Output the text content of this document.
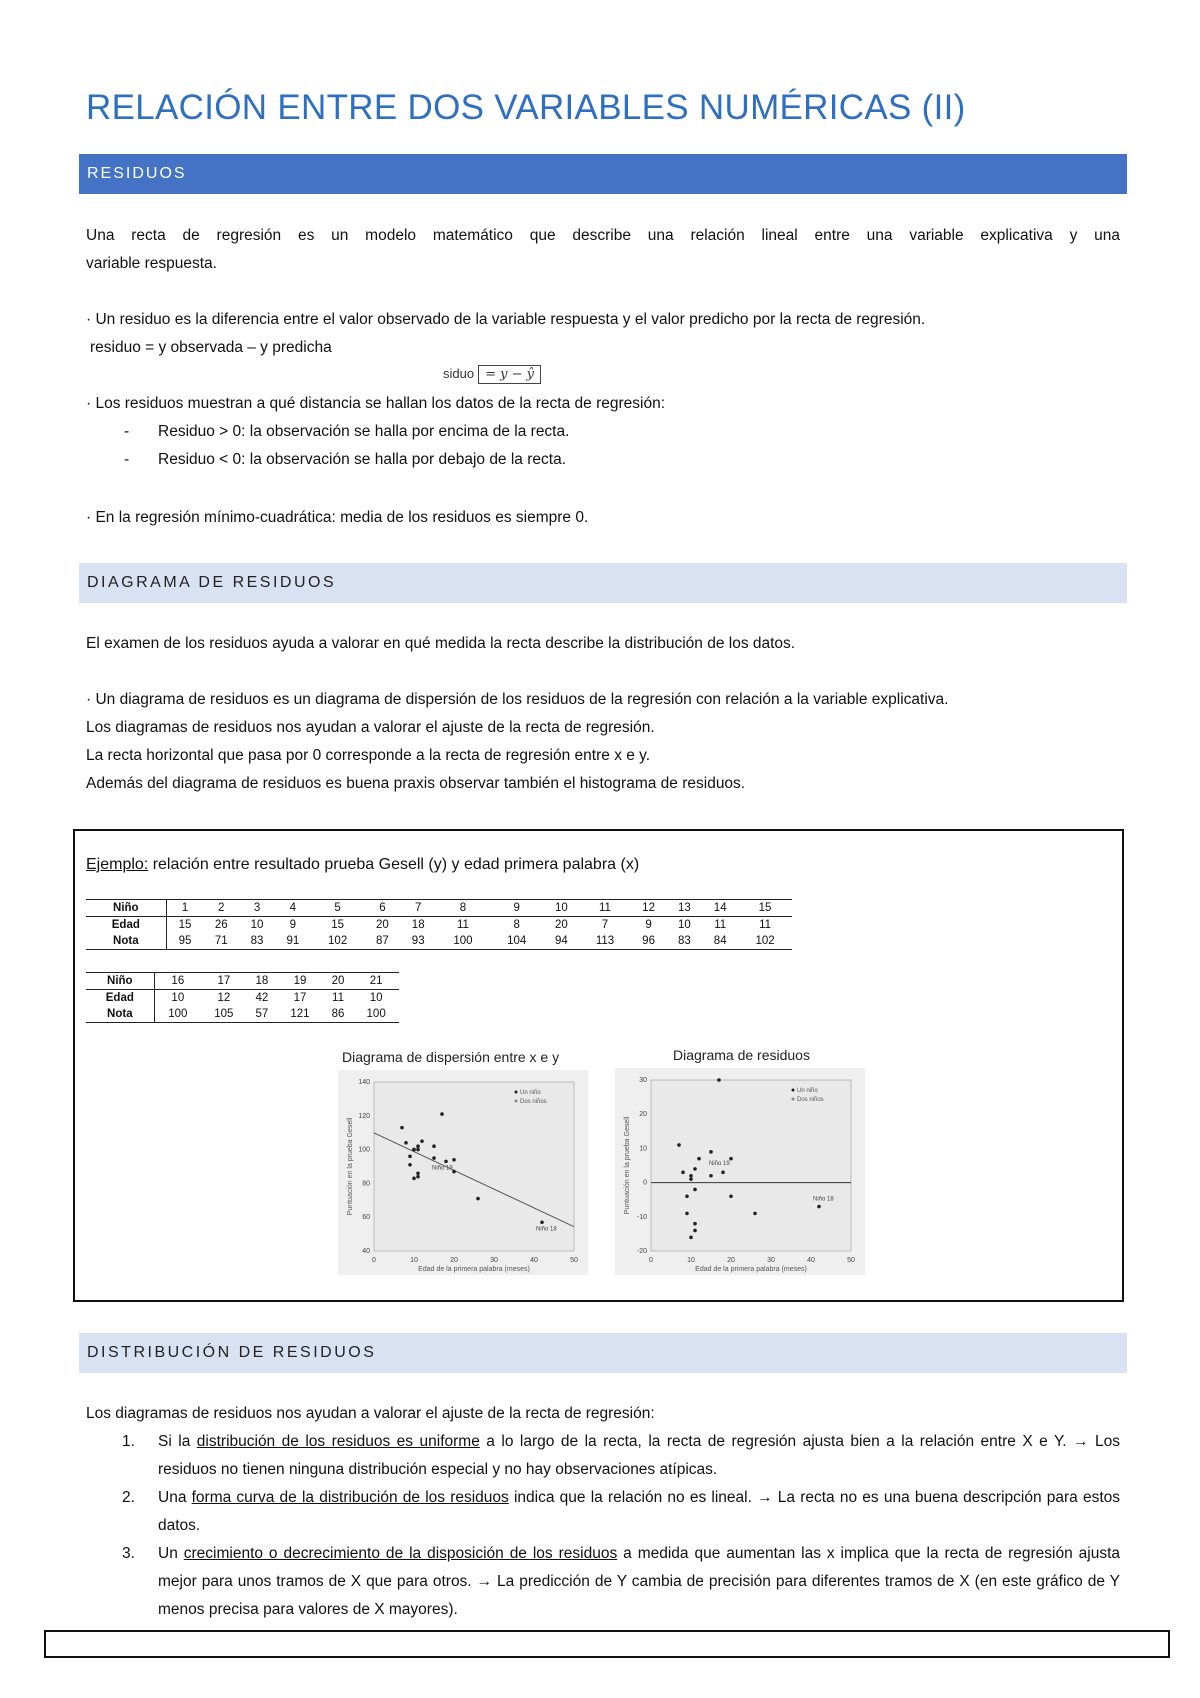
RELACIÓN ENTRE DOS VARIABLES NUMÉRICAS (II)
RESIDUOS
Una recta de regresión es un modelo matemático que describe una relación lineal entre una variable explicativa y una
variable respuesta.
· Un residuo es la diferencia entre el valor observado de la variable respuesta y el valor predicho por la recta de regresión.
residuo = y observada – y predicha
siduo = y − ŷ
· Los residuos muestran a qué distancia se hallan los datos de la recta de regresión:
- Residuo > 0: la observación se halla por encima de la recta.
- Residuo < 0: la observación se halla por debajo de la recta.
· En la regresión mínimo-cuadrática: media de los residuos es siempre 0.
DIAGRAMA DE RESIDUOS
El examen de los residuos ayuda a valorar en qué medida la recta describe la distribución de los datos.
· Un diagrama de residuos es un diagrama de dispersión de los residuos de la regresión con relación a la variable explicativa.
Los diagramas de residuos nos ayudan a valorar el ajuste de la recta de regresión.
La recta horizontal que pasa por 0 corresponde a la recta de regresión entre x e y.
Además del diagrama de residuos es buena praxis observar también el histograma de residuos.
Ejemplo: relación entre resultado prueba Gesell (y) y edad primera palabra (x)
Niño	1	2	3	4	5	6	7	8	9	10	11	12	13	14	15
Edad	15	26	10	9	15	20	18	11	8	20	7	9	10	11	11
Nota	95	71	83	91	102	87	93	100	104	94	113	96	83	84	102
Niño	16	17	18	19	20	21
Edad	10	12	42	17	11	10
Nota	100	105	57	121	86	100
Diagrama de dispersión entre x e y	Diagrama de residuos
0	10	20	30	40	50
40
60
80
100
120
140
Edad de la primera palabra (meses)
Puntuación en la prueba Gesell
Un niño
Dos niños
Niño 19
Niño 18
0	10	20	30	40	50
-20
-10
0
10
20
30
Edad de la primera palabra (meses)
Puntuación en la prueba Gesell
Un niño
Dos niños
Niño 19
Niño 18
DISTRIBUCIÓN DE RESIDUOS
Los diagramas de residuos nos ayudan a valorar el ajuste de la recta de regresión:
1. Si la distribución de los residuos es uniforme a lo largo de la recta, la recta de regresión ajusta bien a la relación entre X e Y. → Los residuos no tienen ninguna distribución especial y no hay observaciones atípicas.
2. Una forma curva de la distribución de los residuos indica que la relación no es lineal. → La recta no es una buena descripción para estos datos.
3. Un crecimiento o decrecimiento de la disposición de los residuos a medida que aumentan las x implica que la recta de regresión ajusta mejor para unos tramos de X que para otros. → La predicción de Y cambia de precisión para diferentes tramos de X (en este gráfico de Y menos precisa para valores de X mayores).
